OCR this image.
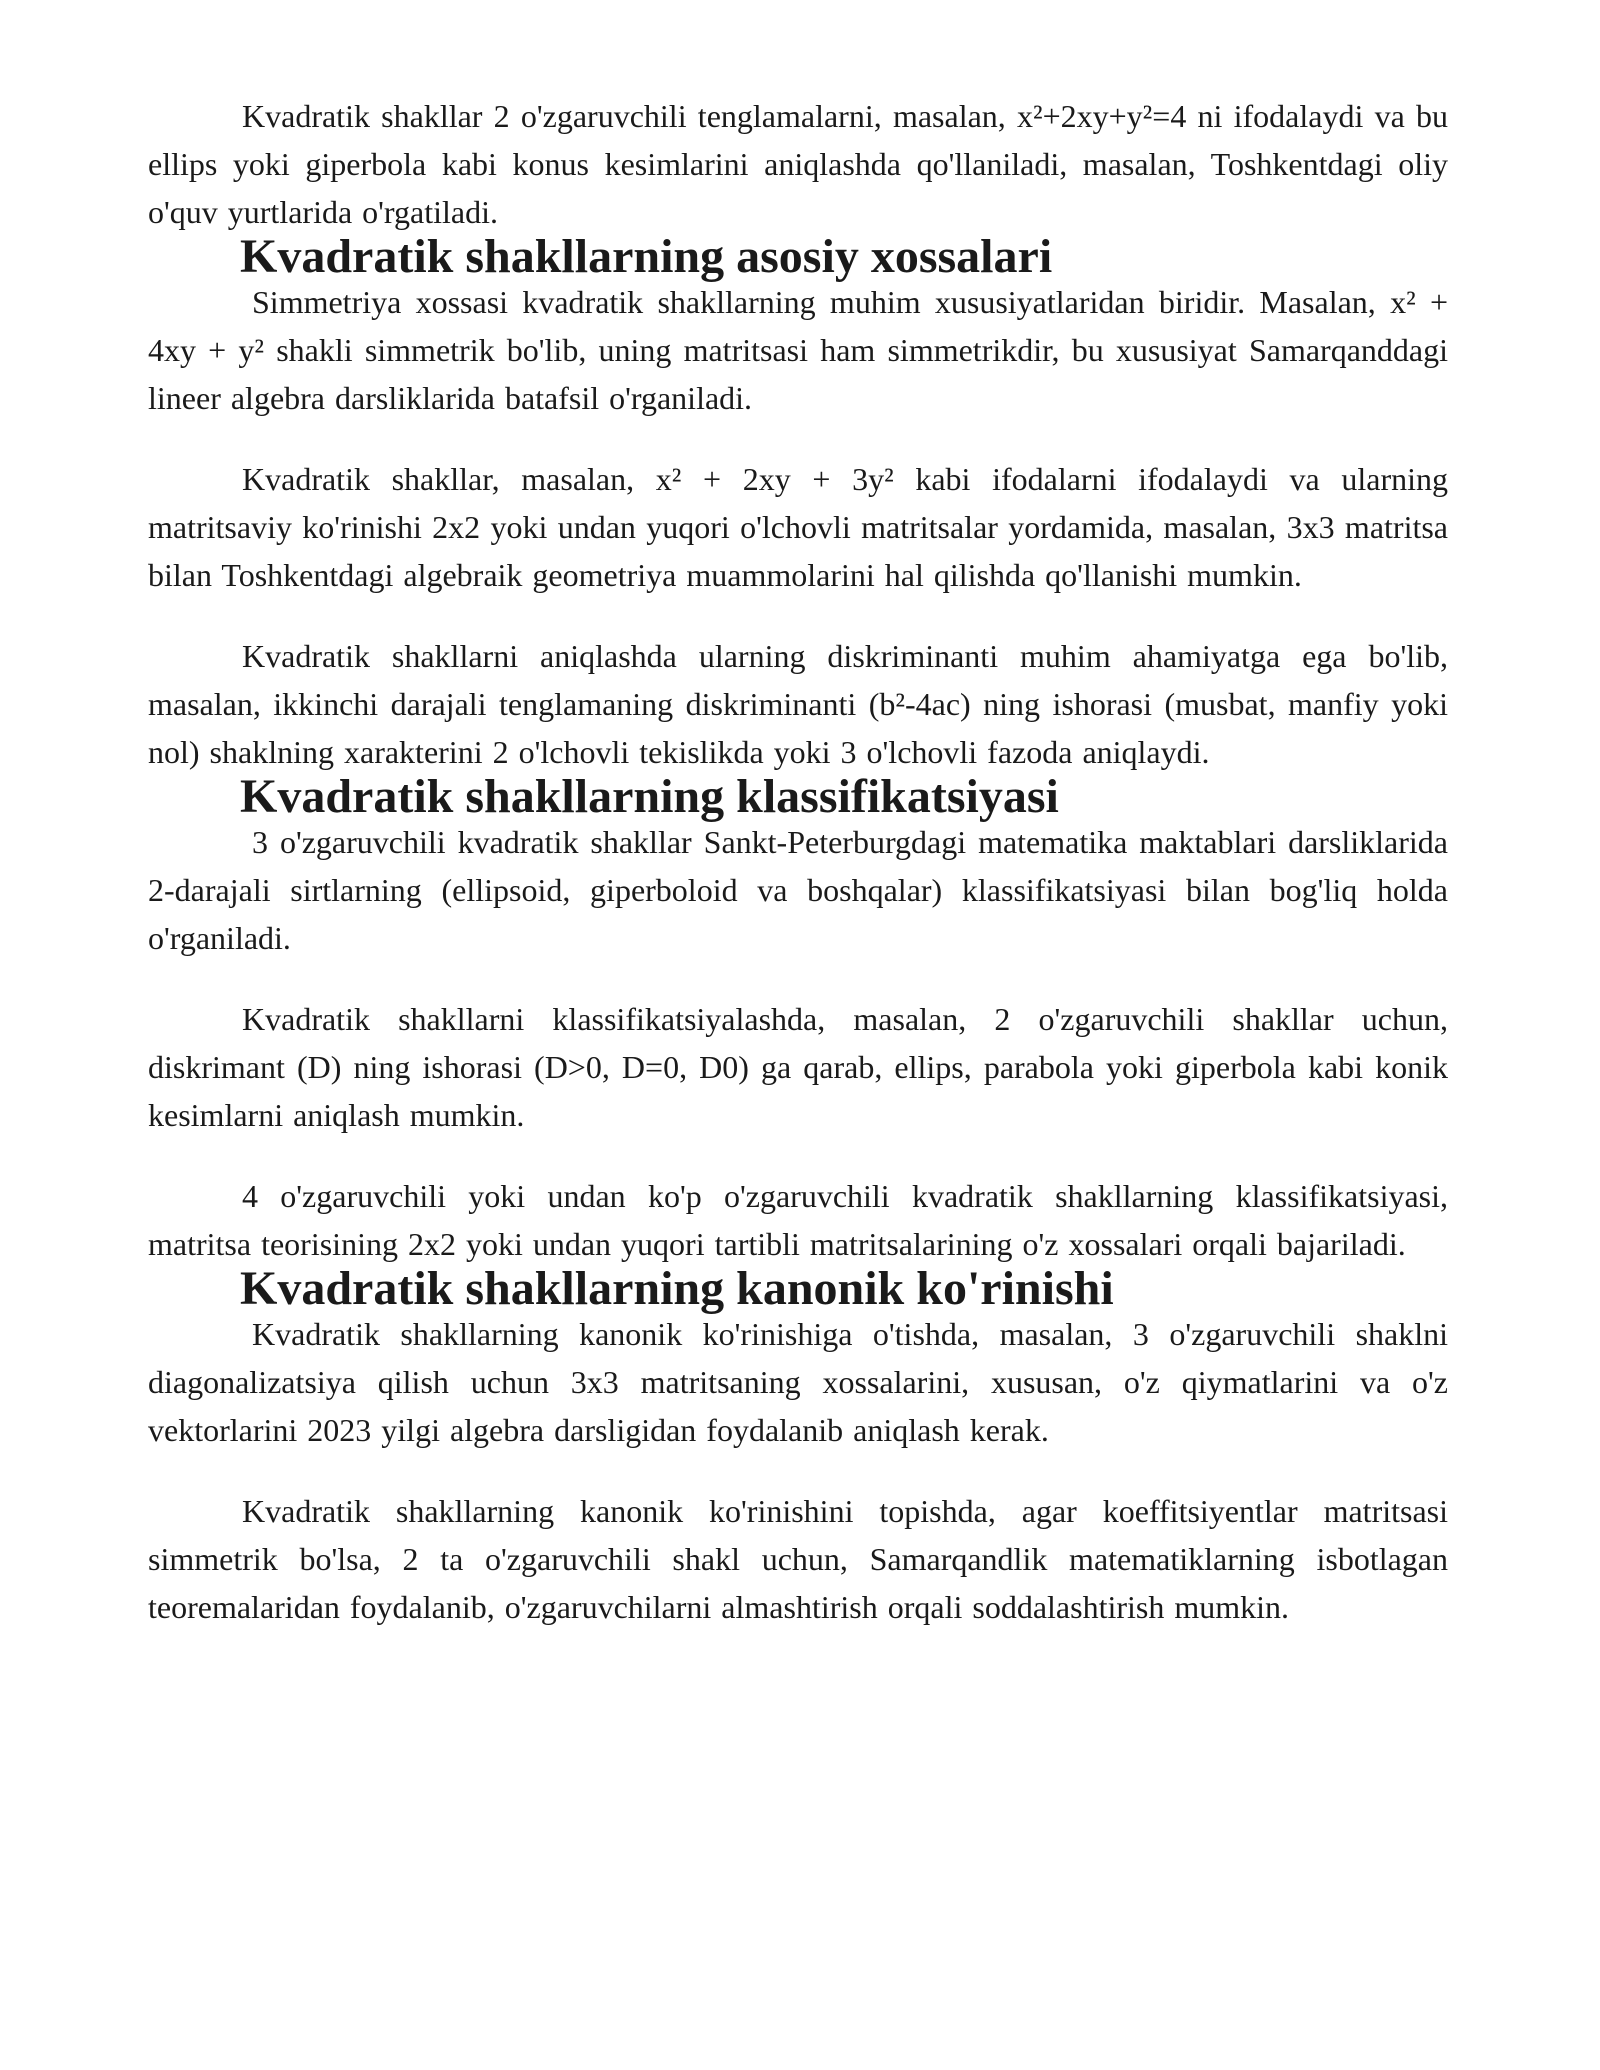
Kvadratik shakllar 2 o'zgaruvchili tenglamalarni, masalan, x²+2xy+y²=4 ni ifodalaydi va bu ellips yoki giperbola kabi konus kesimlarini aniqlashda qo'llaniladi, masalan, Toshkentdagi oliy o'quv yurtlarida o'rgatiladi.

Kvadratik shakllarning asosiy xossalari

Simmetriya xossasi kvadratik shakllarning muhim xususiyatlaridan biridir. Masalan, x² + 4xy + y² shakli simmetrik bo'lib, uning matritsasi ham simmetrikdir, bu xususiyat Samarqanddagi lineer algebra darsliklarida batafsil o'rganiladi.

Kvadratik shakllar, masalan, x² + 2xy + 3y² kabi ifodalarni ifodalaydi va ularning matritsaviy ko'rinishi 2x2 yoki undan yuqori o'lchovli matritsalar yordamida, masalan, 3x3 matritsa bilan Toshkentdagi algebraik geometriya muammolarini hal qilishda qo'llanishi mumkin.

Kvadratik shakllarni aniqlashda ularning diskriminanti muhim ahamiyatga ega bo'lib, masalan, ikkinchi darajali tenglamaning diskriminanti (b²-4ac) ning ishorasi (musbat, manfiy yoki nol) shaklning xarakterini 2 o'lchovli tekislikda yoki 3 o'lchovli fazoda aniqlaydi.

Kvadratik shakllarning klassifikatsiyasi

3 o'zgaruvchili kvadratik shakllar Sankt-Peterburgdagi matematika maktablari darsliklarida 2-darajali sirtlarning (ellipsoid, giperboloid va boshqalar) klassifikatsiyasi bilan bog'liq holda o'rganiladi.

Kvadratik shakllarni klassifikatsiyalashda, masalan, 2 o'zgaruvchili shakllar uchun, diskrimant (D) ning ishorasi (D>0, D=0, D0) ga qarab, ellips, parabola yoki giperbola kabi konik kesimlarni aniqlash mumkin.

4 o'zgaruvchili yoki undan ko'p o'zgaruvchili kvadratik shakllarning klassifikatsiyasi, matritsa teorisining 2x2 yoki undan yuqori tartibli matritsalarining o'z xossalari orqali bajariladi.

Kvadratik shakllarning kanonik ko'rinishi

Kvadratik shakllarning kanonik ko'rinishiga o'tishda, masalan, 3 o'zgaruvchili shaklni diagonalizatsiya qilish uchun 3x3 matritsaning xossalarini, xususan, o'z qiymatlarini va o'z vektorlarini 2023 yilgi algebra darsligidan foydalanib aniqlash kerak.

Kvadratik shakllarning kanonik ko'rinishini topishda, agar koeffitsiyentlar matritsasi simmetrik bo'lsa, 2 ta o'zgaruvchili shakl uchun, Samarqandlik matematiklarning isbotlagan teoremalaridan foydalanib, o'zgaruvchilarni almashtirish orqali soddalashtirish mumkin.
